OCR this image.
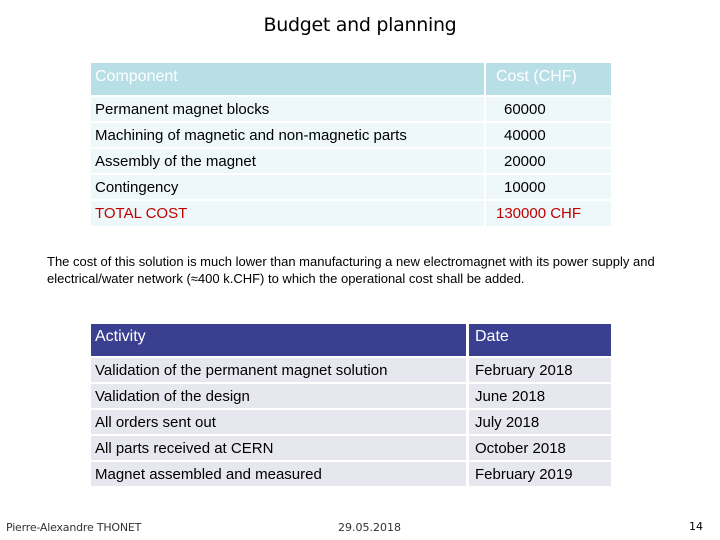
Budget and planning
Component	Cost (CHF)
Permanent magnet blocks	60000
Machining of magnetic and non-magnetic parts	40000
Assembly of the magnet	20000
Contingency	10000
TOTAL COST	130000 CHF
The cost of this solution is much lower than manufacturing a new electromagnet with its power supply and electrical/water network (≈400 k.CHF) to which the operational cost shall be added.
Activity	Date
Validation of the permanent magnet solution	February 2018
Validation of the design	June 2018
All orders sent out	July 2018
All parts received at CERN	October 2018
Magnet assembled and measured	February 2019
Pierre-Alexandre THONET	29.05.2018	14
